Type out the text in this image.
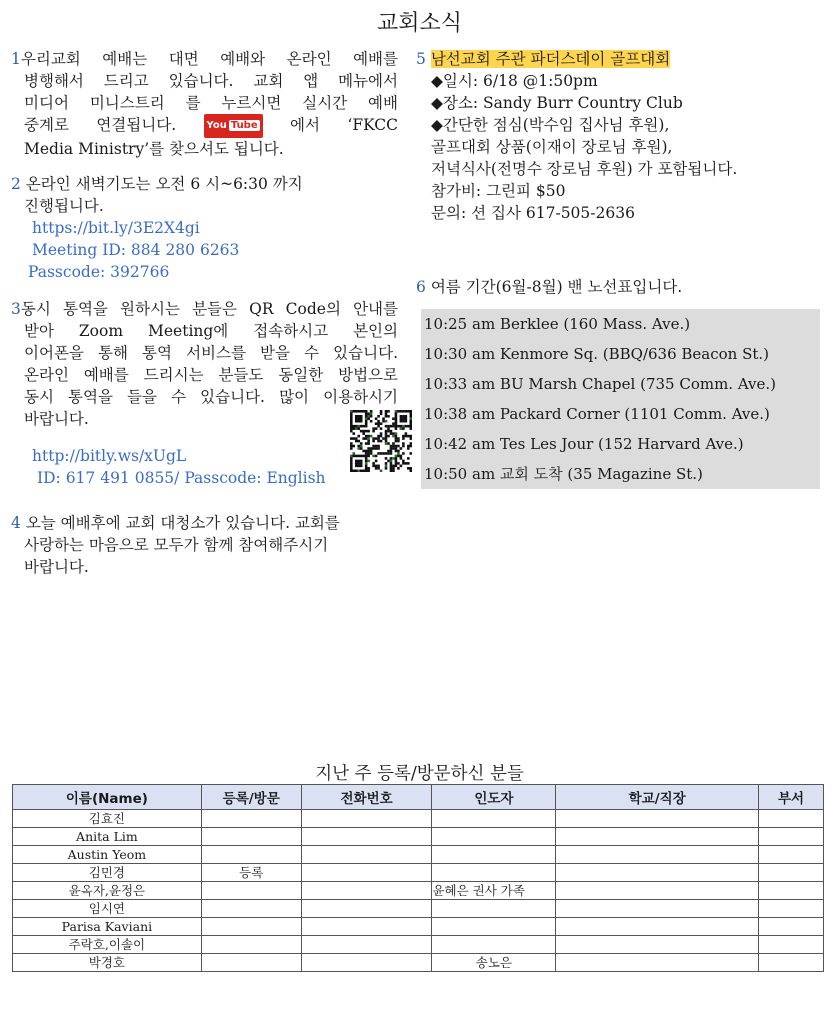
교회소식
1우리교회 예배는 대면 예배와 온라인 예배를
병행해서 드리고 있습니다. 교회 앱 메뉴에서
미디어 미니스트리 를 누르시면 실시간 예배
중계로 연결됩니다.	You Tube 에서 ‘FKCC
Media Ministry’를 찾으셔도 됩니다.
2 온라인 새벽기도는 오전 6 시~6:30 까지
진행됩니다.
https://bit.ly/3E2X4gi
Meeting ID: 884 280 6263
Passcode: 392766
3동시 통역을 원하시는 분들은 QR Code의 안내를
받아 Zoom Meeting에 접속하시고 본인의
이어폰을 통해 통역 서비스를 받을 수 있습니다.
온라인 예배를 드리시는 분들도 동일한 방법으로
동시 통역을 들을 수 있습니다. 많이 이용하시기
바랍니다.
http://bitly.ws/xUgL
ID: 617 491 0855/ Passcode: English
4 오늘 예배후에 교회 대청소가 있습니다. 교회를
사랑하는 마음으로 모두가 함께 참여해주시기
바랍니다.
5 남선교회 주관 파더스데이 골프대회
◆일시: 6/18 @1:50pm
◆장소: Sandy Burr Country Club
◆간단한 점심(박수임 집사님 후원),
골프대회 상품(이재이 장로님 후원),
저녁식사(전명수 장로님 후원) 가 포함됩니다.
참가비: 그린피 $50
문의: 션 집사 617-505-2636
6 여름 기간(6월-8월) 밴 노선표입니다.
10:25 am Berklee (160 Mass. Ave.)
10:30 am Kenmore Sq. (BBQ/636 Beacon St.)
10:33 am BU Marsh Chapel (735 Comm. Ave.)
10:38 am Packard Corner (1101 Comm. Ave.)
10:42 am Tes Les Jour (152 Harvard Ave.)
10:50 am 교회 도착 (35 Magazine St.)
지난 주 등록/방문하신 분들
이름(Name)	등록/방문	전화번호	인도자	학교/직장	부서
김효진					
Anita Lim					
Austin Yeom					
김민경	등록				
윤옥자,윤정은			윤혜은 권사 가족		
임시연					
Parisa Kaviani					
주락호,이솔이					
박경호			송노은		
